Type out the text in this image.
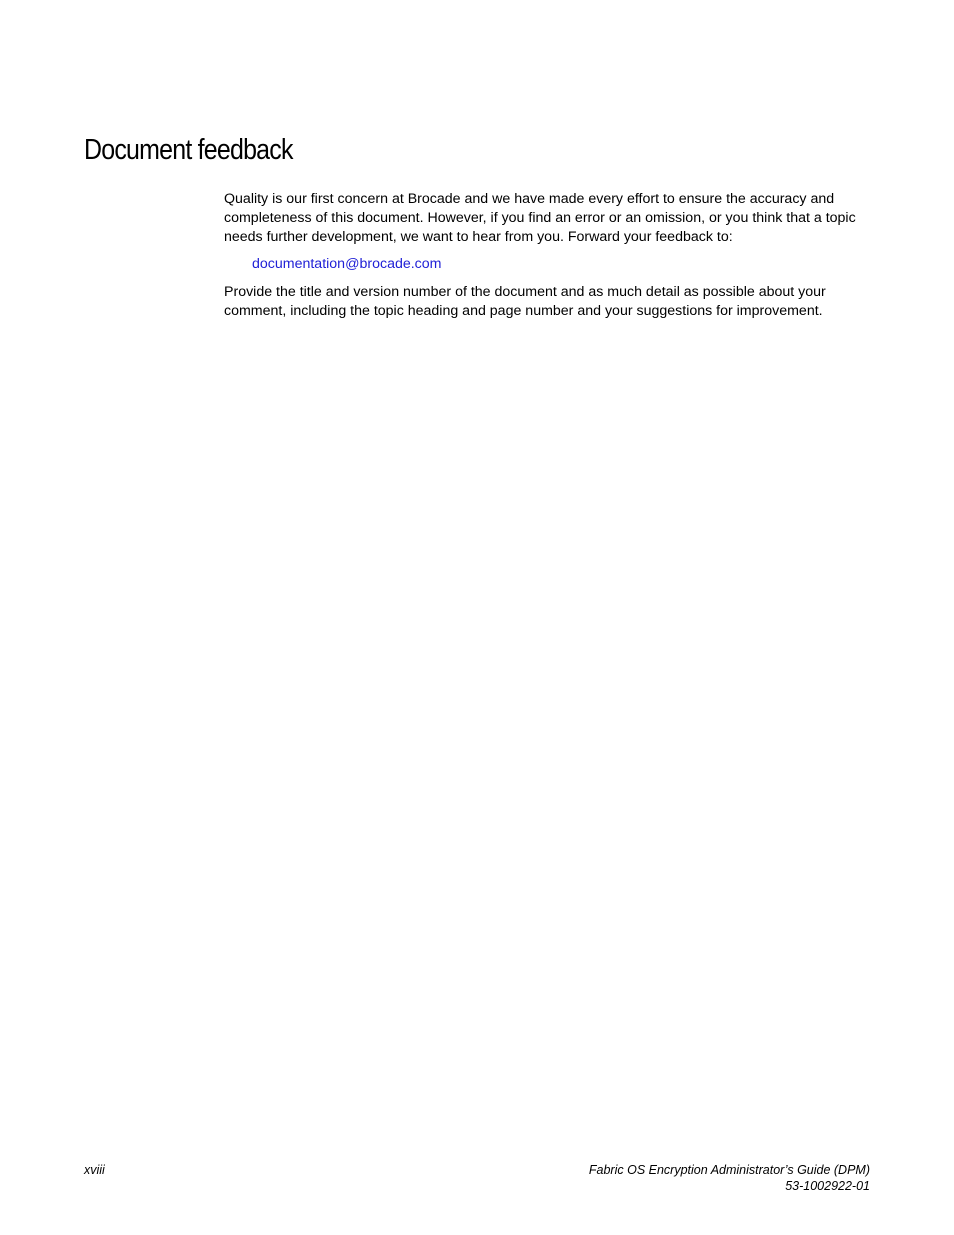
Document feedback

Quality is our first concern at Brocade and we have made every effort to ensure the accuracy and completeness of this document. However, if you find an error or an omission, or you think that a topic needs further development, we want to hear from you. Forward your feedback to:

documentation@brocade.com

Provide the title and version number of the document and as much detail as possible about your comment, including the topic heading and page number and your suggestions for improvement.

xviii	Fabric OS Encryption Administrator’s Guide (DPM)
53-1002922-01
